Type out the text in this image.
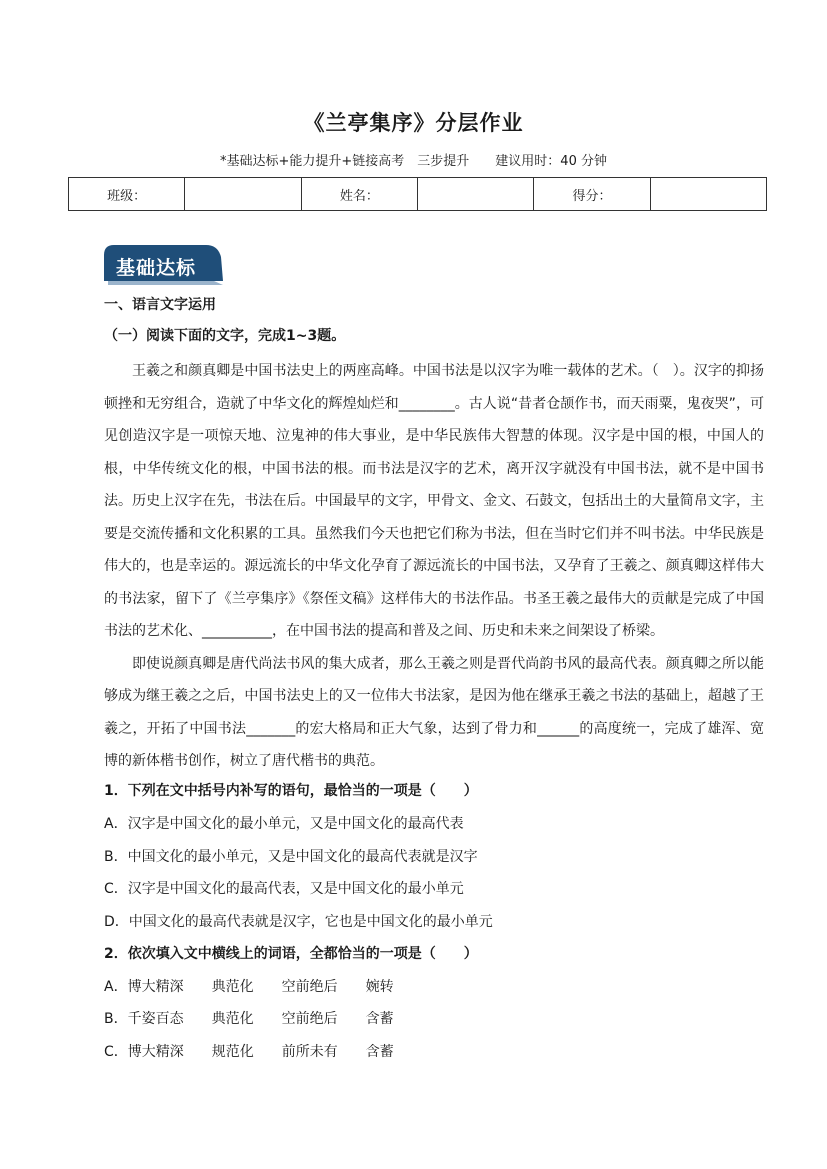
《兰亭集序》分层作业
*基础达标+能力提升+链接高考　三步提升　　建议用时：40 分钟
班级：		姓名：		得分：	
基础达标
一、语言文字运用
（一）阅读下面的文字，完成1~3题。

王羲之和颜真卿是中国书法史上的两座高峰。中国书法是以汉字为唯一载体的艺术。（　）。汉字的抑扬顿挫和无穷组合，造就了中华文化的辉煌灿烂和________。古人说“昔者仓颉作书，而天雨粟，鬼夜哭”，可见创造汉字是一项惊天地、泣鬼神的伟大事业，是中华民族伟大智慧的体现。汉字是中国的根，中国人的根，中华传统文化的根，中国书法的根。而书法是汉字的艺术，离开汉字就没有中国书法，就不是中国书法。历史上汉字在先，书法在后。中国最早的文字，甲骨文、金文、石鼓文，包括出土的大量简帛文字，主要是交流传播和文化积累的工具。虽然我们今天也把它们称为书法，但在当时它们并不叫书法。中华民族是伟大的，也是幸运的。源远流长的中华文化孕育了源远流长的中国书法，又孕育了王羲之、颜真卿这样伟大的书法家，留下了《兰亭集序》《祭侄文稿》这样伟大的书法作品。书圣王羲之最伟大的贡献是完成了中国书法的艺术化、__________，在中国书法的提高和普及之间、历史和未来之间架设了桥梁。

即使说颜真卿是唐代尚法书风的集大成者，那么王羲之则是晋代尚韵书风的最高代表。颜真卿之所以能够成为继王羲之之后，中国书法史上的又一位伟大书法家，是因为他在继承王羲之书法的基础上，超越了王羲之，开拓了中国书法_______的宏大格局和正大气象，达到了骨力和______的高度统一，完成了雄浑、宽博的新体楷书创作，树立了唐代楷书的典范。

1．下列在文中括号内补写的语句，最恰当的一项是（　　）
A．汉字是中国文化的最小单元，又是中国文化的最高代表
B．中国文化的最小单元，又是中国文化的最高代表就是汉字
C．汉字是中国文化的最高代表，又是中国文化的最小单元
D．中国文化的最高代表就是汉字，它也是中国文化的最小单元
2．依次填入文中横线上的词语，全都恰当的一项是（　　）
A．博大精深　　典范化　　空前绝后　　婉转
B．千姿百态　　典范化　　空前绝后　　含蓄
C．博大精深　　规范化　　前所未有　　含蓄
